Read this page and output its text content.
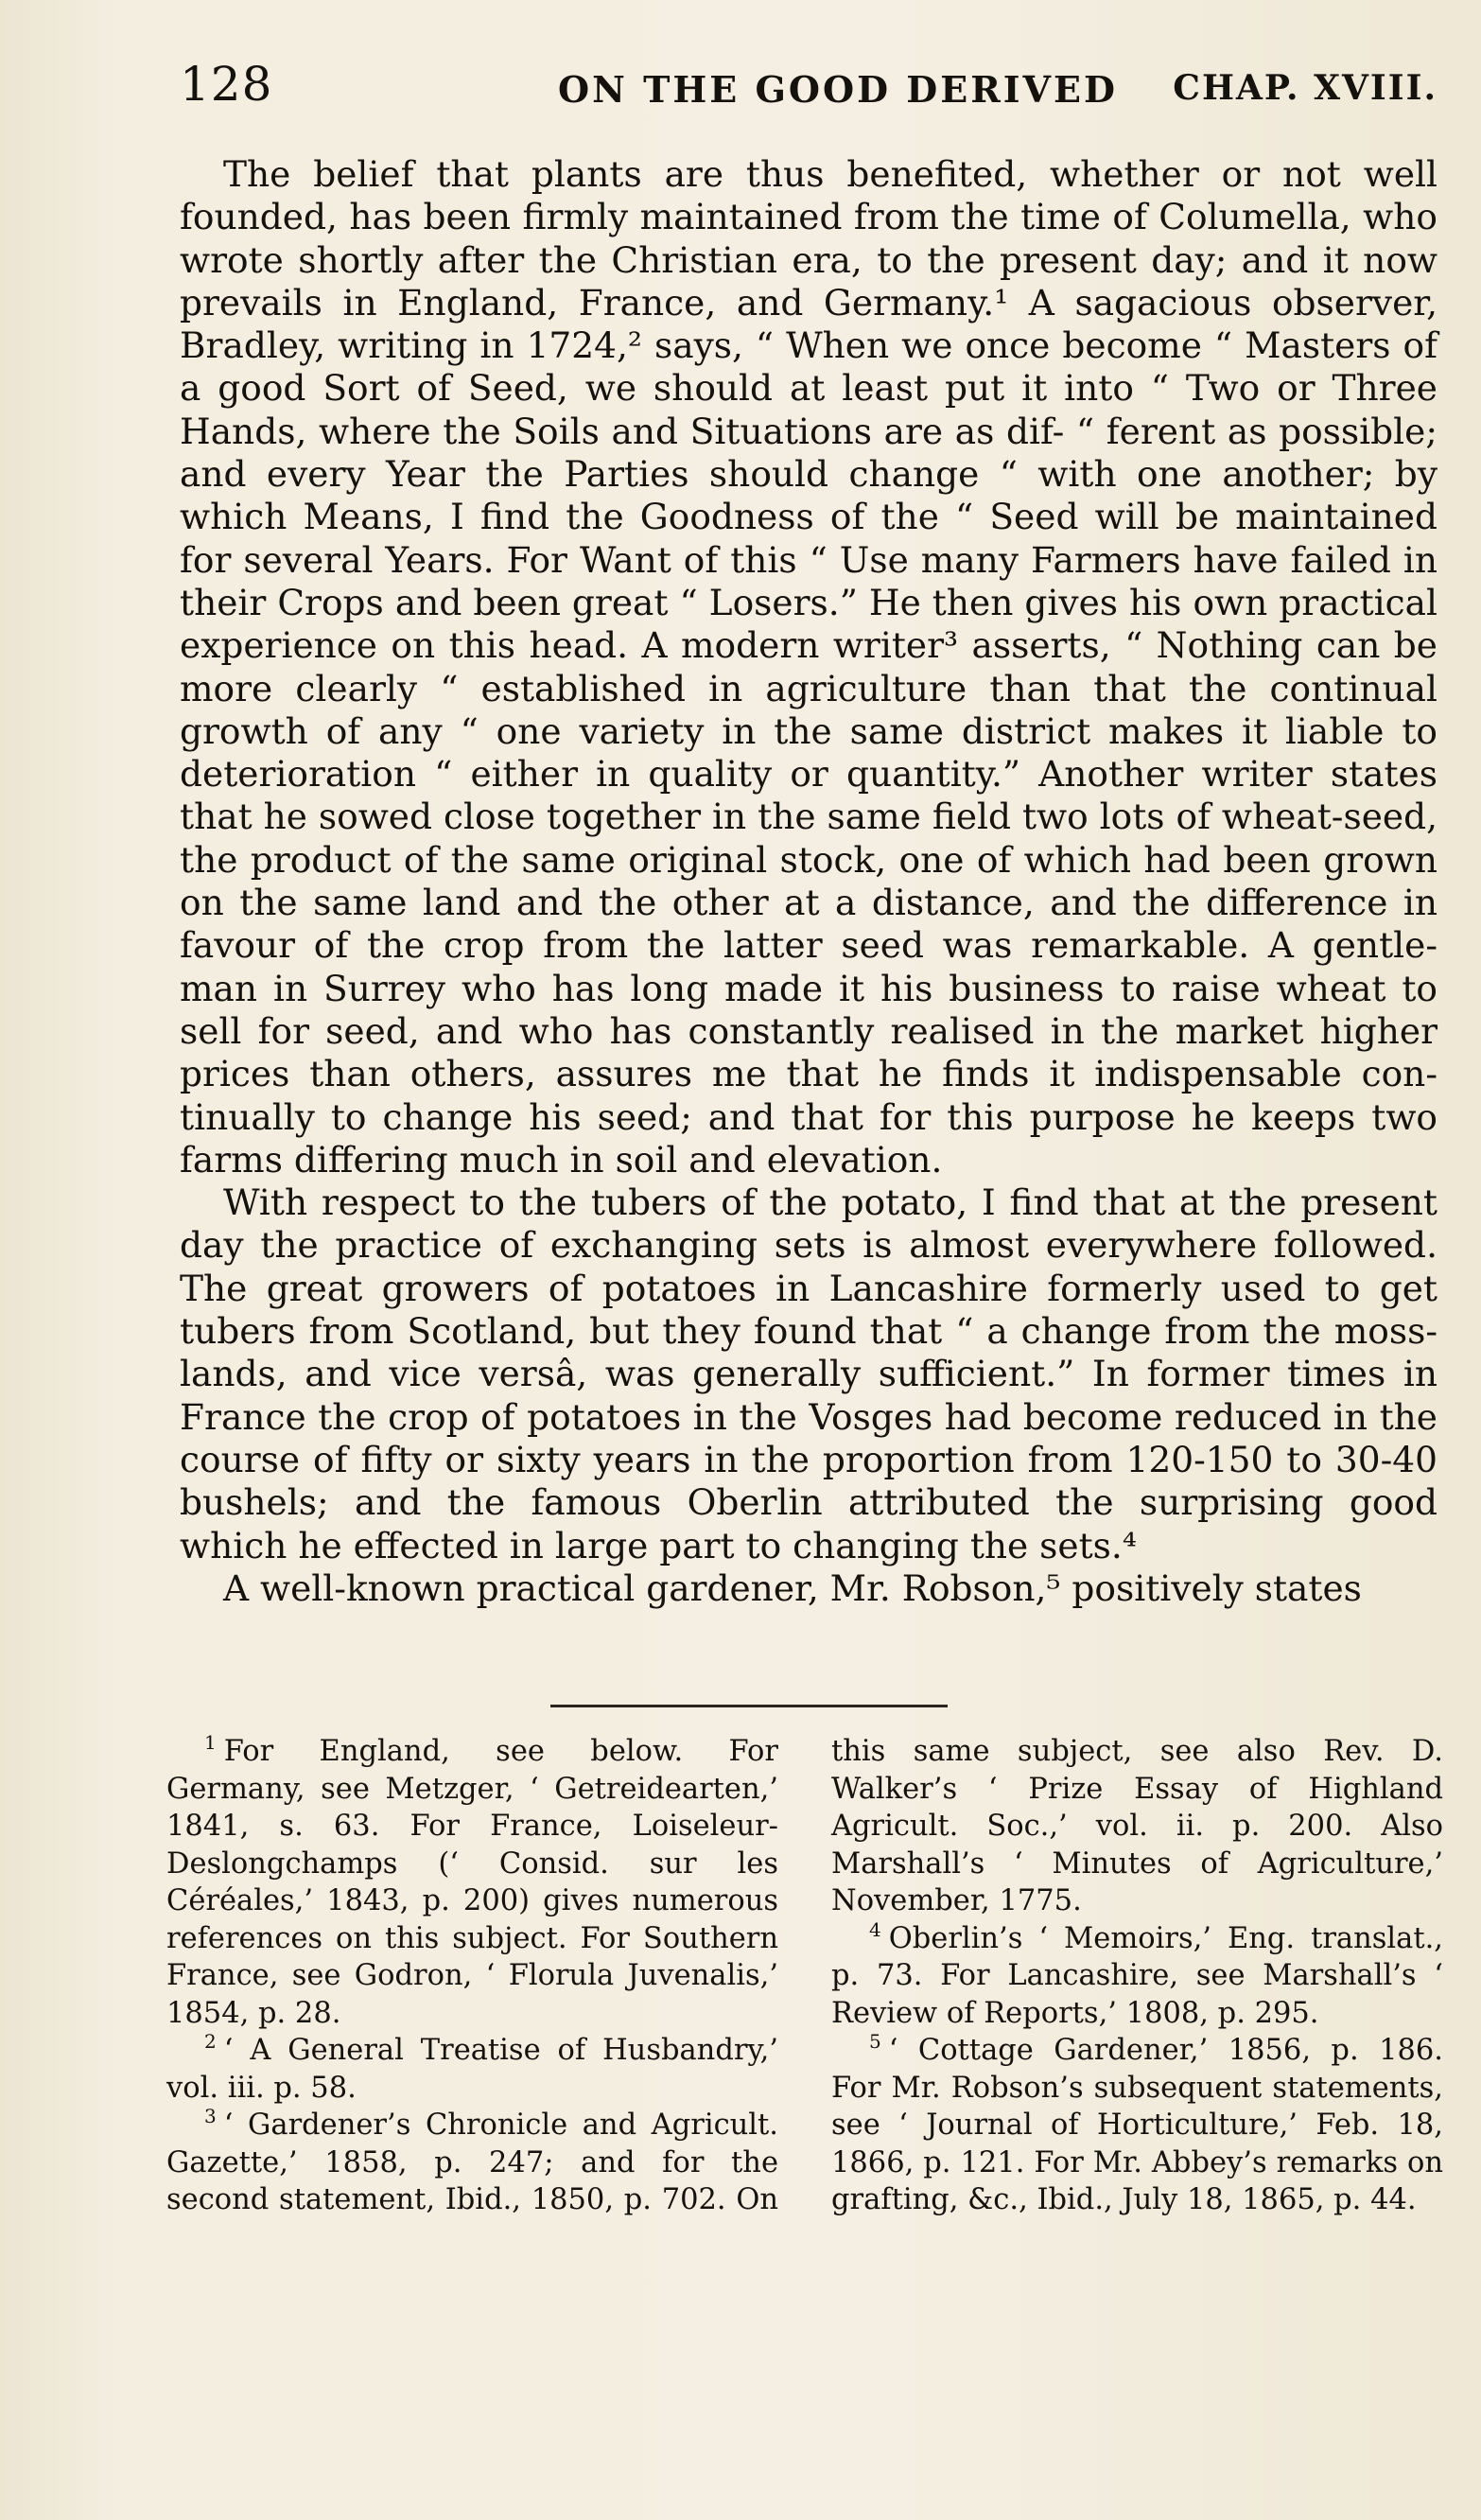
128	ON THE GOOD DERIVED CHAP. XVIII.

The belief that plants are thus benefited, whether or not well founded, has been firmly maintained from the time of Columella, who wrote shortly after the Christian era, to the present day; and it now prevails in England, France, and Germany.¹ A sagacious observer, Bradley, writing in 1724,² says, “ When we once become “ Masters of a good Sort of Seed, we should at least put it into “ Two or Three Hands, where the Soils and Situations are as dif- “ ferent as possible; and every Year the Parties should change “ with one another; by which Means, I find the Goodness of the “ Seed will be maintained for several Years. For Want of this “ Use many Farmers have failed in their Crops and been great “ Losers.” He then gives his own practical experience on this head. A modern writer³ asserts, “ Nothing can be more clearly “ established in agriculture than that the continual growth of any “ one variety in the same district makes it liable to deterioration “ either in quality or quantity.” Another writer states that he sowed close together in the same field two lots of wheat-seed, the product of the same original stock, one of which had been grown on the same land and the other at a distance, and the difference in favour of the crop from the latter seed was remarkable. A gentle- man in Surrey who has long made it his business to raise wheat to sell for seed, and who has constantly realised in the market higher prices than others, assures me that he finds it indispensable con- tinually to change his seed; and that for this purpose he keeps two farms differing much in soil and elevation.

With respect to the tubers of the potato, I find that at the present day the practice of exchanging sets is almost everywhere followed. The great growers of potatoes in Lancashire formerly used to get tubers from Scotland, but they found that “ a change from the moss-lands, and vice versâ, was generally sufficient.” In former times in France the crop of potatoes in the Vosges had become reduced in the course of fifty or sixty years in the proportion from 120-150 to 30-40 bushels; and the famous Oberlin attributed the surprising good which he effected in large part to changing the sets.⁴

A well-known practical gardener, Mr. Robson,⁵ positively states

$^1$ For England, see below. For Germany, see Metzger, ‘ Getreidearten,’ 1841, s. 63. For France, Loiseleur-Deslongchamps (‘ Consid. sur les Céréales,’ 1843, p. 200) gives numerous references on this subject. For Southern France, see Godron, ‘ Florula Juvenalis,’ 1854, p. 28.

$^2$ ‘ A General Treatise of Husbandry,’ vol. iii. p. 58.

$^3$ ‘ Gardener’s Chronicle and Agricult. Gazette,’ 1858, p. 247; and for the second statement, Ibid., 1850, p. 702. On this same subject, see also Rev. D. Walker’s ‘ Prize Essay of Highland Agricult. Soc.,’ vol. ii. p. 200. Also Marshall’s ‘ Minutes of Agriculture,’ November, 1775.

$^4$ Oberlin’s ‘ Memoirs,’ Eng. translat., p. 73. For Lancashire, see Marshall’s ‘ Review of Reports,’ 1808, p. 295.

$^5$ ‘ Cottage Gardener,’ 1856, p. 186. For Mr. Robson’s subsequent statements, see ‘ Journal of Horticulture,’ Feb. 18, 1866, p. 121. For Mr. Abbey’s remarks on grafting, &c., Ibid., July 18, 1865, p. 44.
